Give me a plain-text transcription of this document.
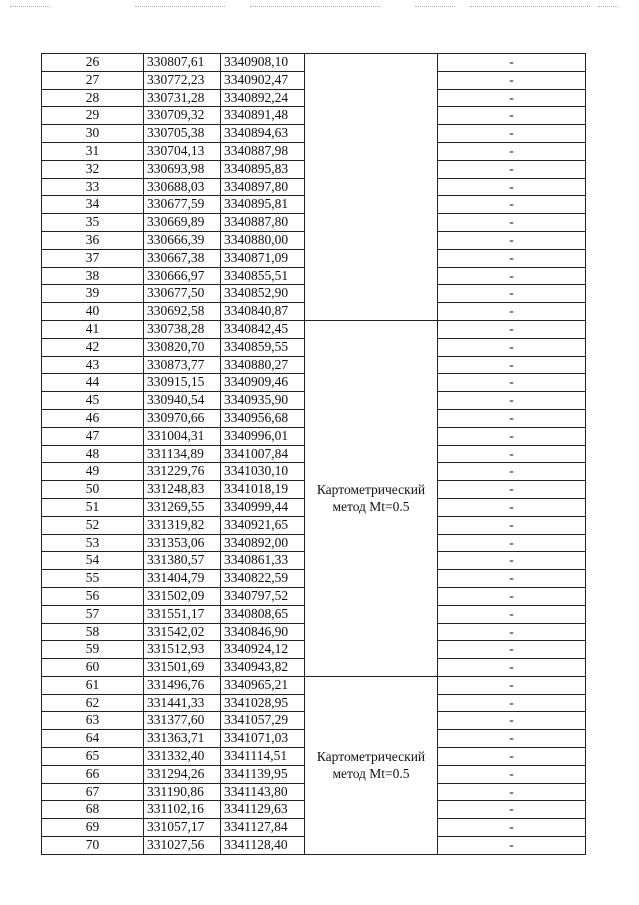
26	330807,61	3340908,10		-
27	330772,23	3340902,47		-
28	330731,28	3340892,24		-
29	330709,32	3340891,48		-
30	330705,38	3340894,63		-
31	330704,13	3340887,98		-
32	330693,98	3340895,83		-
33	330688,03	3340897,80		-
34	330677,59	3340895,81		-
35	330669,89	3340887,80		-
36	330666,39	3340880,00		-
37	330667,38	3340871,09		-
38	330666,97	3340855,51		-
39	330677,50	3340852,90		-
40	330692,58	3340840,87		-
41	330738,28	3340842,45	Картометрический
метод Mt=0.5	-
42	330820,70	3340859,55		-
43	330873,77	3340880,27		-
44	330915,15	3340909,46		-
45	330940,54	3340935,90		-
46	330970,66	3340956,68		-
47	331004,31	3340996,01		-
48	331134,89	3341007,84		-
49	331229,76	3341030,10		-
50	331248,83	3341018,19		-
51	331269,55	3340999,44		-
52	331319,82	3340921,65		-
53	331353,06	3340892,00		-
54	331380,57	3340861,33		-
55	331404,79	3340822,59		-
56	331502,09	3340797,52		-
57	331551,17	3340808,65		-
58	331542,02	3340846,90		-
59	331512,93	3340924,12		-
60	331501,69	3340943,82		-
61	331496,76	3340965,21	Картометрический
метод Mt=0.5	-
62	331441,33	3341028,95		-
63	331377,60	3341057,29		-
64	331363,71	3341071,03		-
65	331332,40	3341114,51		-
66	331294,26	3341139,95		-
67	331190,86	3341143,80		-
68	331102,16	3341129,63		-
69	331057,17	3341127,84		-
70	331027,56	3341128,40		-
